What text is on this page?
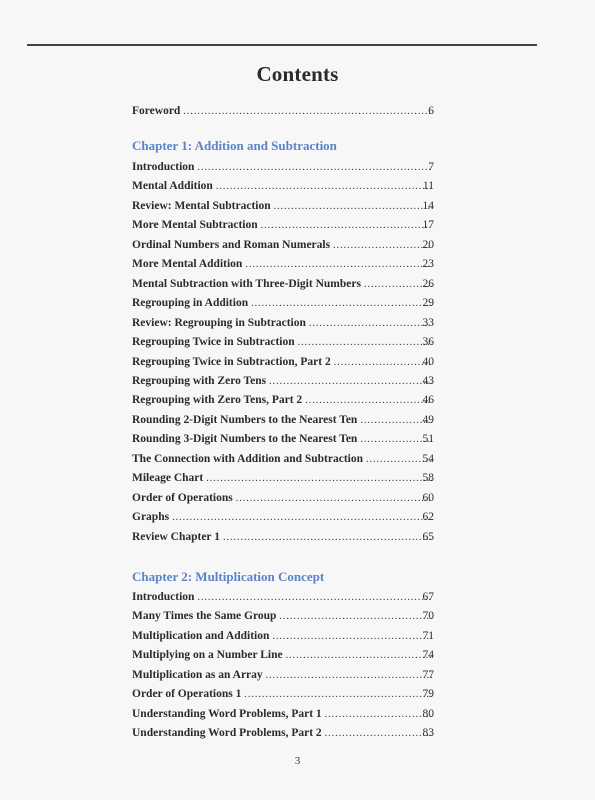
Contents
Foreword .....	6
Chapter 1: Addition and Subtraction
Introduction .....	7
Mental Addition .....	11
Review: Mental Subtraction .....	14
More Mental Subtraction .....	17
Ordinal Numbers and Roman Numerals .....	20
More Mental Addition .....	23
Mental Subtraction with Three-Digit Numbers .....	26
Regrouping in Addition .....	29
Review: Regrouping in Subtraction .....	33
Regrouping Twice in Subtraction .....	36
Regrouping Twice in Subtraction, Part 2 .....	40
Regrouping with Zero Tens .....	43
Regrouping with Zero Tens, Part 2 .....	46
Rounding 2-Digit Numbers to the Nearest Ten .....	49
Rounding 3-Digit Numbers to the Nearest Ten .....	51
The Connection with Addition and Subtraction .....	54
Mileage Chart .....	58
Order of Operations .....	60
Graphs .....	62
Review Chapter 1 .....	65
Chapter 2: Multiplication Concept
Introduction .....	67
Many Times the Same Group .....	70
Multiplication and Addition .....	71
Multiplying on a Number Line .....	74
Multiplication as an Array .....	77
Order of Operations 1 .....	79
Understanding Word Problems, Part 1 .....	80
Understanding Word Problems, Part 2 .....	83
3
